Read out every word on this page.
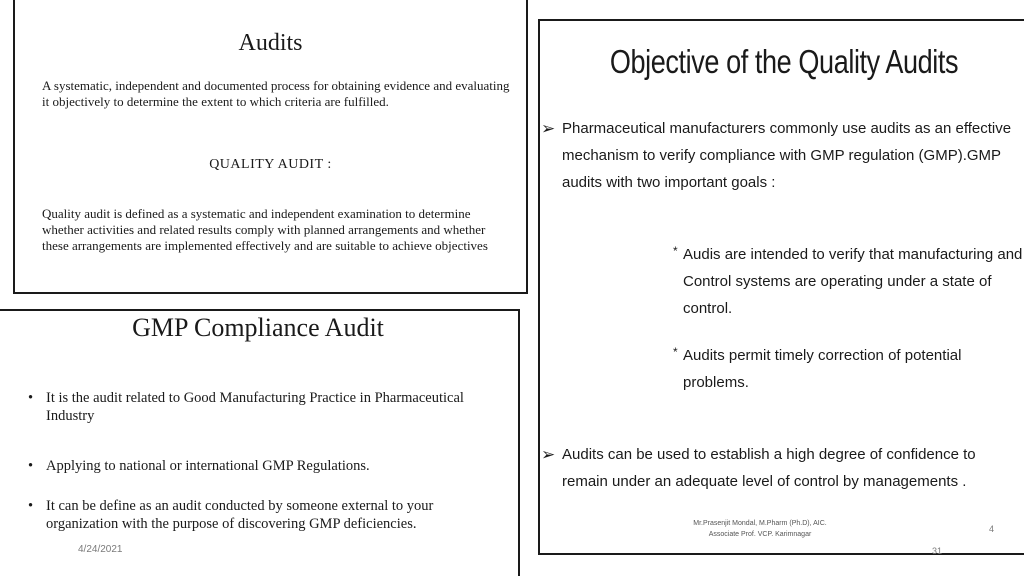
Audits
A systematic, independent and documented process for obtaining evidence and evaluating it objectively to determine the extent to which criteria are fulfilled.
QUALITY AUDIT :
Quality audit is defined as a systematic and independent examination to determine whether activities and related results comply with planned arrangements and whether these arrangements are implemented effectively and are suitable to achieve objectives
GMP Compliance Audit
• It is the audit related to Good Manufacturing Practice in Pharmaceutical Industry
• Applying to national or international GMP Regulations.
• It can be define as an audit conducted by someone external to your organization with the purpose of discovering GMP deficiencies.
4/24/2021
Objective of the Quality Audits
➢ Pharmaceutical manufacturers commonly use audits as an effective mechanism to verify compliance with GMP regulation (GMP).GMP audits with two important goals :
* Audis are intended to verify that manufacturing and Control systems are operating under a state of control.
* Audits permit timely correction of potential problems.
➢ Audits can be used to establish a high degree of confidence to remain under an adequate level of control by managements .
Mr.Prasenjit Mondal, M.Pharm (Ph.D), AIC.
Associate Prof. VCP. Karimnagar
4
31
